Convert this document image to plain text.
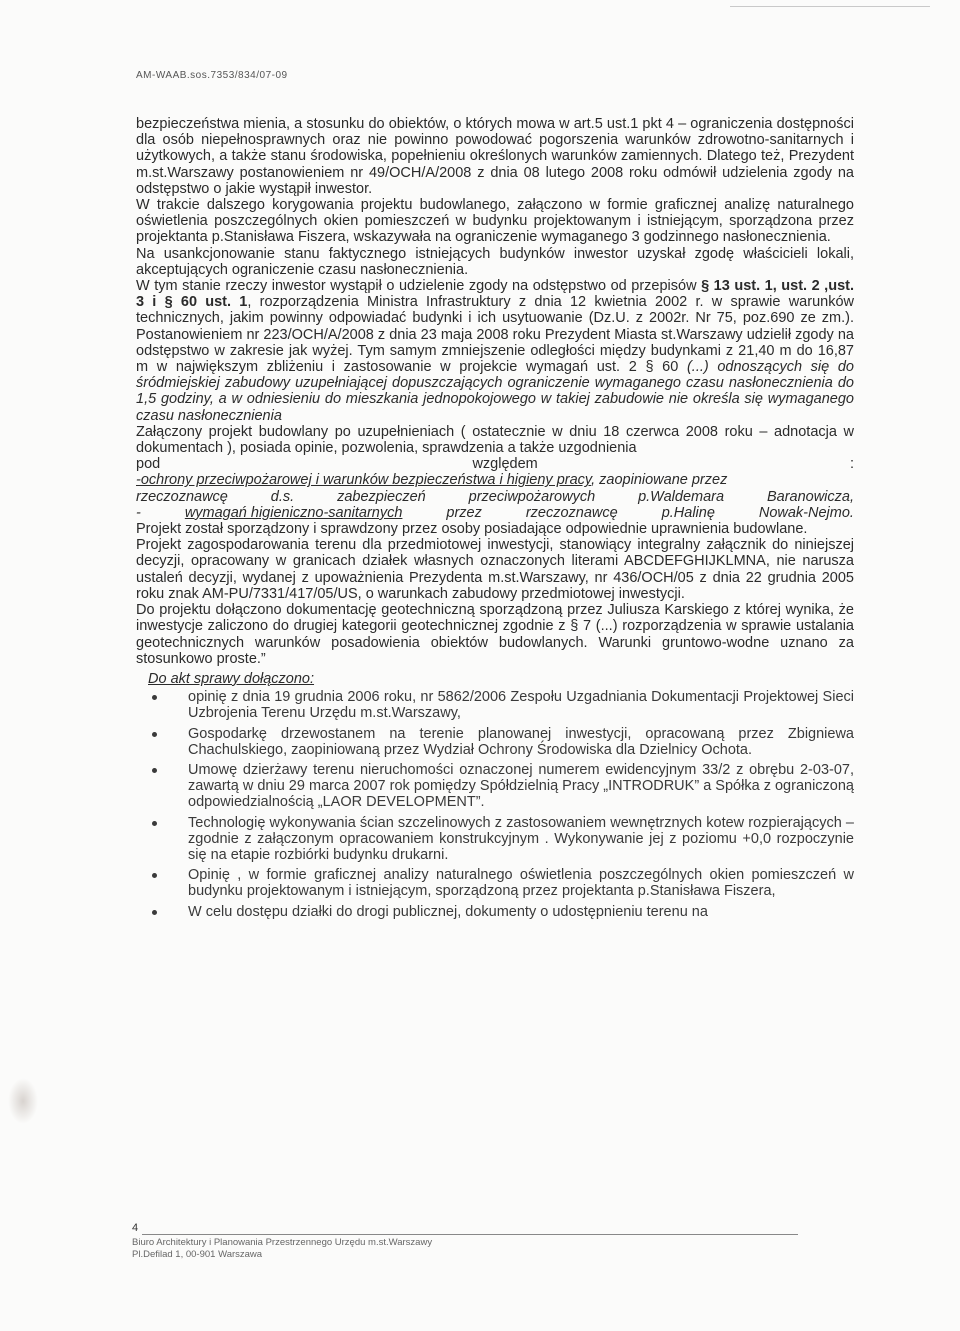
AM-WAAB.sos.7353/834/07-09

bezpieczeństwa mienia, a stosunku do obiektów, o których mowa w art.5 ust.1 pkt 4 – ograniczenia dostępności dla osób niepełnosprawnych oraz nie powinno powodować pogorszenia warunków zdrowotno-sanitarnych i użytkowych, a także stanu środowiska, popełnieniu określonych warunków zamiennych. Dlatego też, Prezydent m.st.Warszawy postanowieniem nr 49/OCH/A/2008 z dnia 08 lutego 2008 roku odmówił udzielenia zgody na odstępstwo o jakie wystąpił inwestor.

W trakcie dalszego korygowania projektu budowlanego, załączono w formie graficznej analizę naturalnego oświetlenia poszczególnych okien pomieszczeń w budynku projektowanym i istniejącym, sporządzona przez projektanta p.Stanisława Fiszera, wskazywała na ograniczenie wymaganego 3 godzinnego nasłonecznienia.

Na usankcjonowanie stanu faktycznego istniejących budynków inwestor uzyskał zgodę właścicieli lokali, akceptujących ograniczenie czasu nasłonecznienia.

W tym stanie rzeczy inwestor wystąpił o udzielenie zgody na odstępstwo od przepisów § 13 ust. 1, ust. 2 ,ust. 3 i § 60 ust. 1, rozporządzenia Ministra Infrastruktury z dnia 12 kwietnia 2002 r. w sprawie warunków technicznych, jakim powinny odpowiadać budynki i ich usytuowanie (Dz.U. z 2002r. Nr 75, poz.690 ze zm.). Postanowieniem nr 223/OCH/A/2008 z dnia 23 maja 2008 roku Prezydent Miasta st.Warszawy udzielił zgody na odstępstwo w zakresie jak wyżej. Tym samym zmniejszenie odległości między budynkami z 21,40 m do 16,87 m w największym zbliżeniu i zastosowanie w projekcie wymagań ust. 2 § 60 (...) odnoszących się do śródmiejskiej zabudowy uzupełniającej dopuszczających ograniczenie wymaganego czasu nasłonecznienia do 1,5 godziny, a w odniesieniu do mieszkania jednopokojowego w takiej zabudowie nie określa się wymaganego czasu nasłonecznienia

Załączony projekt budowlany po uzupełnieniach ( ostatecznie w dniu 18 czerwca 2008 roku – adnotacja w dokumentach ), posiada opinie, pozwolenia, sprawdzenia a także uzgodnienia

pod	względem	:
-ochrony przeciwpożarowej i warunków bezpieczeństwa i higieny pracy, zaopiniowane przez
rzeczoznawcę	d.s.	zabezpieczeń	przeciwpożarowych	p.Waldemara	Baranowicza,
-	wymagań higieniczno-sanitarnych	przez	rzeczoznawcę	p.Halinę	Nowak-Nejmo.

Projekt został sporządzony i sprawdzony przez osoby posiadające odpowiednie uprawnienia budowlane.

Projekt zagospodarowania terenu dla przedmiotowej inwestycji, stanowiący integralny załącznik do niniejszej decyzji, opracowany w granicach działek własnych oznaczonych literami ABCDEFGHIJKLMNA, nie narusza ustaleń decyzji, wydanej z upoważnienia Prezydenta m.st.Warszawy, nr 436/OCH/05 z dnia 22 grudnia 2005 roku znak AM-PU/7331/417/05/US, o warunkach zabudowy przedmiotowej inwestycji.

Do projektu dołączono dokumentację geotechniczną sporządzoną przez Juliusza Karskiego z której wynika, że inwestycje zaliczono do drugiej kategorii geotechnicznej zgodnie z § 7 (...) rozporządzenia w sprawie ustalania geotechnicznych warunków posadowienia obiektów budowlanych. Warunki gruntowo-wodne uznano za stosunkowo proste.”

Do akt sprawy dołączono:
opinię z dnia 19 grudnia 2006 roku, nr 5862/2006 Zespołu Uzgadniania Dokumentacji Projektowej Sieci Uzbrojenia Terenu Urzędu m.st.Warszawy,
Gospodarkę drzewostanem na terenie planowanej inwestycji, opracowaną przez Zbigniewa Chachulskiego, zaopiniowaną przez Wydział Ochrony Środowiska dla Dzielnicy Ochota.
Umowę dzierżawy terenu nieruchomości oznaczonej numerem ewidencyjnym 33/2 z obrębu 2-03-07, zawartą w dniu 29 marca 2007 rok pomiędzy Spółdzielnią Pracy „INTRODRUK” a Spółka z ograniczoną odpowiedzialnością „LAOR DEVELOPMENT”.
Technologię wykonywania ścian szczelinowych z zastosowaniem wewnętrznych kotew rozpierających – zgodnie z załączonym opracowaniem konstrukcyjnym . Wykonywanie jej z poziomu +0,0 rozpoczynie się na etapie rozbiórki budynku drukarni.
Opinię , w formie graficznej analizy naturalnego oświetlenia poszczególnych okien pomieszczeń w budynku projektowanym i istniejącym, sporządzoną przez projektanta p.Stanisława Fiszera,
W celu dostępu działki do drogi publicznej, dokumenty o udostępnieniu terenu na
4
Biuro Architektury i Planowania Przestrzennego Urzędu m.st.Warszawy
Pl.Defilad 1, 00-901 Warszawa
